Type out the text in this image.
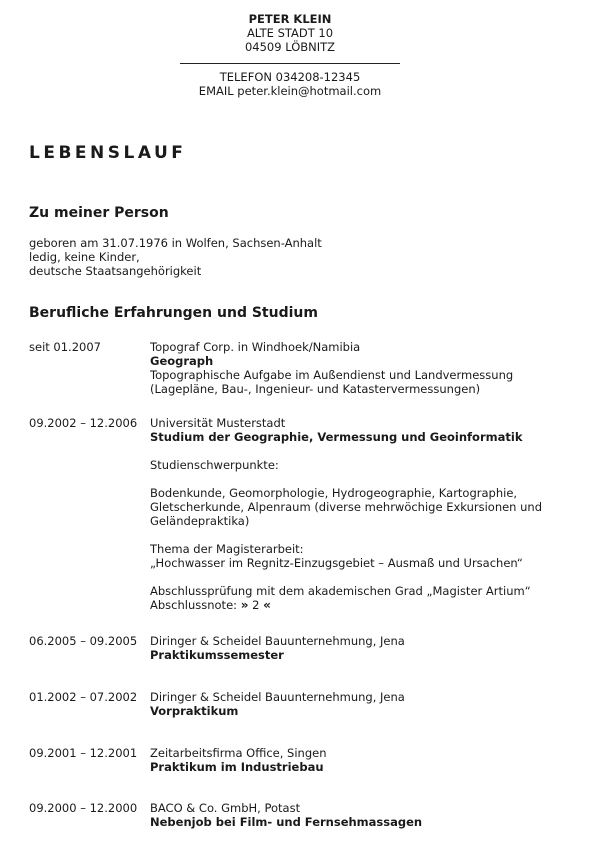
PETER KLEIN
ALTE STADT 10
04509 LÖBNITZ
TELEFON 034208-12345
EMAIL peter.klein@hotmail.com
LEBENSLAUF
Zu meiner Person
geboren am 31.07.1976 in Wolfen, Sachsen-Anhalt
ledig, keine Kinder,
deutsche Staatsangehörigkeit
Berufliche Erfahrungen und Studium
seit 01.2007	Topograf Corp. in Windhoek/Namibia
Geograph
Topographische Aufgabe im Außendienst und Landvermessung
(Lagepläne, Bau-, Ingenieur- und Katastervermessungen)
09.2002 – 12.2006	Universität Musterstadt
Studium der Geographie, Vermessung und Geoinformatik
Studienschwerpunkte:
Bodenkunde, Geomorphologie, Hydrogeographie, Kartographie,
Gletscherkunde, Alpenraum (diverse mehrwöchige Exkursionen und
Geländepraktika)
Thema der Magisterarbeit:
„Hochwasser im Regnitz-Einzugsgebiet – Ausmaß und Ursachen“
Abschlussprüfung mit dem akademischen Grad „Magister Artium“
Abschlussnote: » 2 «
06.2005 – 09.2005	Diringer & Scheidel Bauunternehmung, Jena
Praktikumssemester
01.2002 – 07.2002	Diringer & Scheidel Bauunternehmung, Jena
Vorpraktikum
09.2001 – 12.2001	Zeitarbeitsfirma Office, Singen
Praktikum im Industriebau
09.2000 – 12.2000	BACO & Co. GmbH, Potast
Nebenjob bei Film- und Fernsehmassagen
